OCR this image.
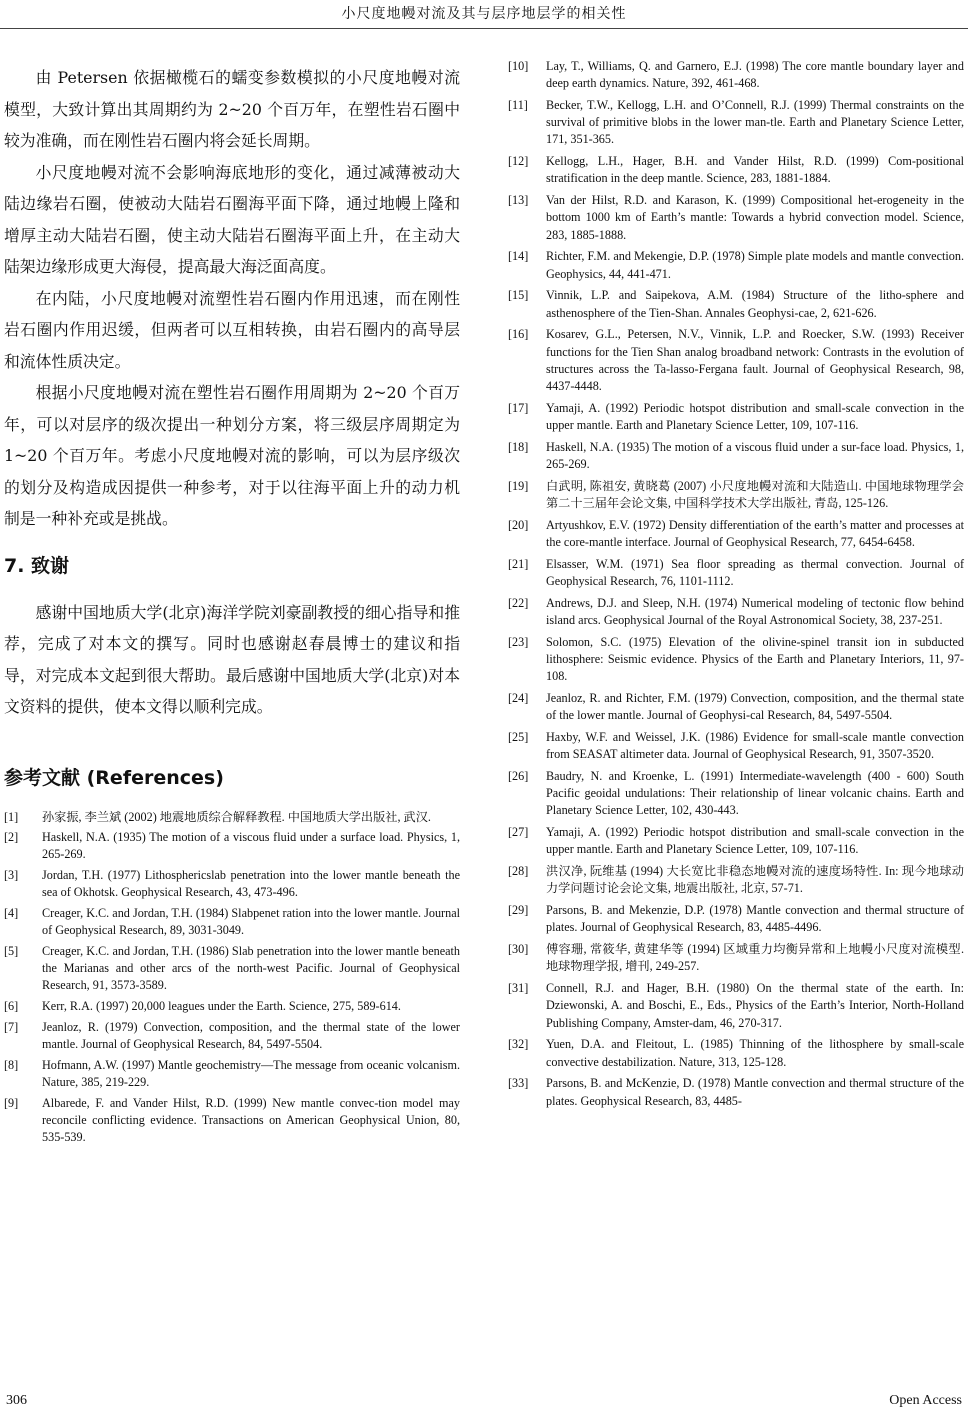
小尺度地幔对流及其与层序地层学的相关性

由 Petersen 依据橄榄石的蠕变参数模拟的小尺度地幔对流模型，大致计算出其周期约为 2~20 个百万年，在塑性岩石圈中较为准确，而在刚性岩石圈内将会延长周期。

小尺度地幔对流不会影响海底地形的变化，通过减薄被动大陆边缘岩石圈，使被动大陆岩石圈海平面下降，通过地幔上隆和增厚主动大陆岩石圈，使主动大陆岩石圈海平面上升，在主动大陆架边缘形成更大海侵，提高最大海泛面高度。

在内陆，小尺度地幔对流塑性岩石圈内作用迅速，而在刚性岩石圈内作用迟缓，但两者可以互相转换，由岩石圈内的高导层和流体性质决定。

根据小尺度地幔对流在塑性岩石圈作用周期为 2~20 个百万年，可以对层序的级次提出一种划分方案，将三级层序周期定为 1~20 个百万年。考虑小尺度地幔对流的影响，可以为层序级次的划分及构造成因提供一种参考，对于以往海平面上升的动力机制是一种补充或是挑战。

7. 致谢

感谢中国地质大学(北京)海洋学院刘豪副教授的细心指导和推荐，完成了对本文的撰写。同时也感谢赵春晨博士的建议和指导，对完成本文起到很大帮助。最后感谢中国地质大学(北京)对本文资料的提供，使本文得以顺利完成。

参考文献 (References)
[1]	孙家振, 李兰斌 (2002) 地震地质综合解释教程. 中国地质大学出版社, 武汉.
[2]	Haskell, N.A. (1935) The motion of a viscous fluid under a surface load. Physics, 1, 265-269.
[3]	Jordan, T.H. (1977) Lithosphericslab penetration into the lower mantle beneath the sea of Okhotsk. Geophysical Research, 43, 473-496.
[4]	Creager, K.C. and Jordan, T.H. (1984) Slabpenet ration into the lower mantle. Journal of Geophysical Research, 89, 3031-3049.
[5]	Creager, K.C. and Jordan, T.H. (1986) Slab penetration into the lower mantle beneath the Marianas and other arcs of the north-west Pacific. Journal of Geophysical Research, 91, 3573-3589.
[6]	Kerr, R.A. (1997) 20,000 leagues under the Earth. Science, 275, 589-614.
[7]	Jeanloz, R. (1979) Convection, composition, and the thermal state of the lower mantle. Journal of Geophysical Research, 84, 5497-5504.
[8]	Hofmann, A.W. (1997) Mantle geochemistry—The message from oceanic volcanism. Nature, 385, 219-229.
[9]	Albarede, F. and Vander Hilst, R.D. (1999) New mantle convec-tion model may reconcile conflicting evidence. Transactions on American Geophysical Union, 80, 535-539.
[10]	Lay, T., Williams, Q. and Garnero, E.J. (1998) The core mantle boundary layer and deep earth dynamics. Nature, 392, 461-468.
[11]	Becker, T.W., Kellogg, L.H. and O’Connell, R.J. (1999) Thermal constraints on the survival of primitive blobs in the lower man-tle. Earth and Planetary Science Letter, 171, 351-365.
[12]	Kellogg, L.H., Hager, B.H. and Vander Hilst, R.D. (1999) Com-positional stratification in the deep mantle. Science, 283, 1881-1884.
[13]	Van der Hilst, R.D. and Karason, K. (1999) Compositional het-erogeneity in the bottom 1000 km of Earth’s mantle: Towards a hybrid convection model. Science, 283, 1885-1888.
[14]	Richter, F.M. and Mekengie, D.P. (1978) Simple plate models and mantle convection. Geophysics, 44, 441-471.
[15]	Vinnik, L.P. and Saipekova, A.M. (1984) Structure of the litho-sphere and asthenosphere of the Tien-Shan. Annales Geophysi-cae, 2, 621-626.
[16]	Kosarev, G.L., Petersen, N.V., Vinnik, L.P. and Roecker, S.W. (1993) Receiver functions for the Tien Shan analog broadband network: Contrasts in the evolution of structures across the Ta-lasso-Fergana fault. Journal of Geophysical Research, 98, 4437-4448.
[17]	Yamaji, A. (1992) Periodic hotspot distribution and small-scale convection in the upper mantle. Earth and Planetary Science Letter, 109, 107-116.
[18]	Haskell, N.A. (1935) The motion of a viscous fluid under a sur-face load. Physics, 1, 265-269.
[19]	白武明, 陈祖安, 黄晓葛 (2007) 小尺度地幔对流和大陆造山. 中国地球物理学会第二十三届年会论文集, 中国科学技术大学出版社, 青岛, 125-126.
[20]	Artyushkov, E.V. (1972) Density differentiation of the earth’s matter and processes at the core-mantle interface. Journal of Geophysical Research, 77, 6454-6458.
[21]	Elsasser, W.M. (1971) Sea floor spreading as thermal convection. Journal of Geophysical Research, 76, 1101-1112.
[22]	Andrews, D.J. and Sleep, N.H. (1974) Numerical modeling of tectonic flow behind island arcs. Geophysical Journal of the Royal Astronomical Society, 38, 237-251.
[23]	Solomon, S.C. (1975) Elevation of the olivine-spinel transit ion in subducted lithosphere: Seismic evidence. Physics of the Earth and Planetary Interiors, 11, 97-108.
[24]	Jeanloz, R. and Richter, F.M. (1979) Convection, composition, and the thermal state of the lower mantle. Journal of Geophysi-cal Research, 84, 5497-5504.
[25]	Haxby, W.F. and Weissel, J.K. (1986) Evidence for small-scale mantle convection from SEASAT altimeter data. Journal of Geophysical Research, 91, 3507-3520.
[26]	Baudry, N. and Kroenke, L. (1991) Intermediate-wavelength (400 - 600) South Pacific geoidal undulations: Their relationship of linear volcanic chains. Earth and Planetary Science Letter, 102, 430-443.
[27]	Yamaji, A. (1992) Periodic hotspot distribution and small-scale convection in the upper mantle. Earth and Planetary Science Letter, 109, 107-116.
[28]	洪汉净, 阮维基 (1994) 大长宽比非稳态地幔对流的速度场特性. In: 现今地球动力学问题讨论会论文集, 地震出版社, 北京, 57-71.
[29]	Parsons, B. and Mekenzie, D.P. (1978) Mantle convection and thermal structure of plates. Journal of Geophysical Research, 83, 4485-4496.
[30]	傅容珊, 常筱华, 黄建华等 (1994) 区域重力均衡异常和上地幔小尺度对流模型. 地球物理学报, 增刊, 249-257.
[31]	Connell, R.J. and Hager, B.H. (1980) On the thermal state of the earth. In: Dziewonski, A. and Boschi, E., Eds., Physics of the Earth’s Interior, North-Holland Publishing Company, Amster-dam, 46, 270-317.
[32]	Yuen, D.A. and Fleitout, L. (1985) Thinning of the lithosphere by small-scale convective destabilization. Nature, 313, 125-128.
[33]	Parsons, B. and McKenzie, D. (1978) Mantle convection and thermal structure of the plates. Geophysical Research, 83, 4485-
306	Open Access
